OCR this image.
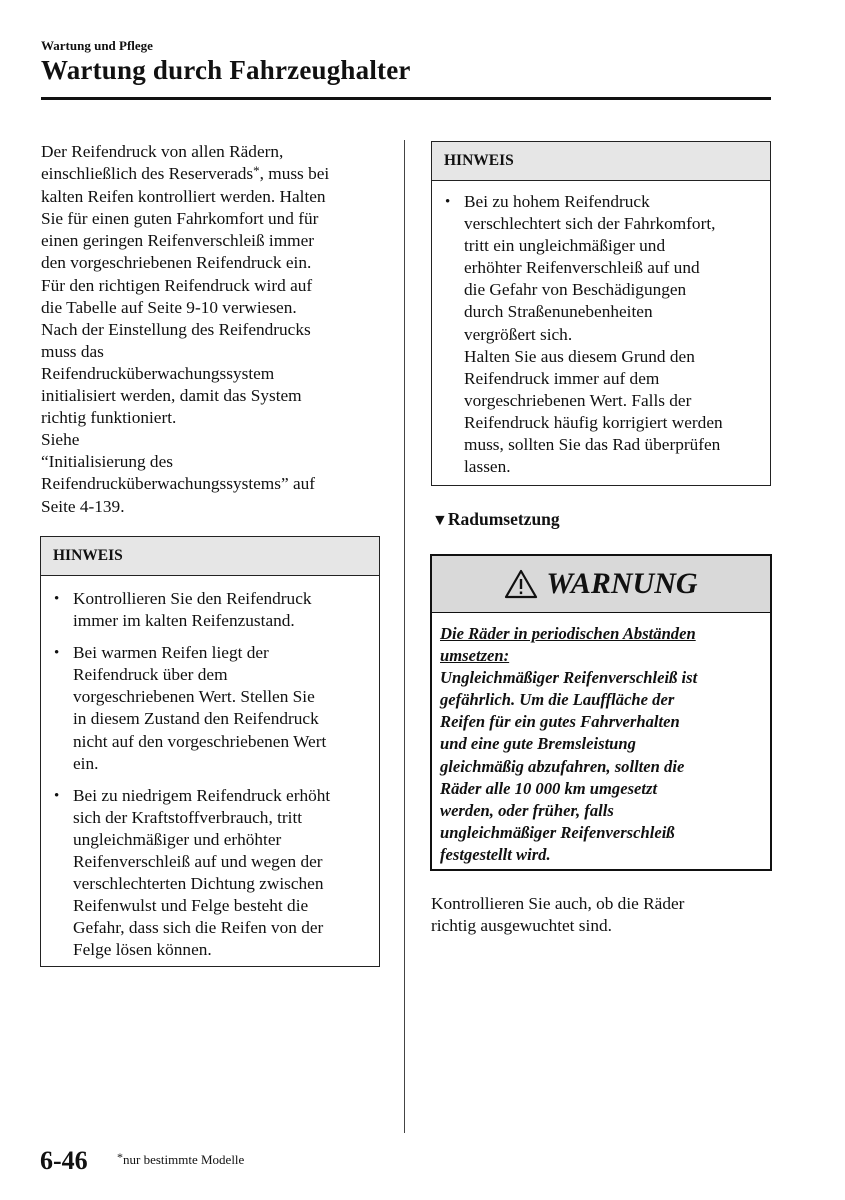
Wartung und Pflege
Wartung durch Fahrzeughalter

Der Reifendruck von allen Rädern,
einschließlich des Reserverads*, muss bei
kalten Reifen kontrolliert werden. Halten
Sie für einen guten Fahrkomfort und für
einen geringen Reifenverschleiß immer
den vorgeschriebenen Reifendruck ein.
Für den richtigen Reifendruck wird auf
die Tabelle auf Seite 9-10 verwiesen.
Nach der Einstellung des Reifendrucks
muss das
Reifendrucküberwachungssystem
initialisiert werden, damit das System
richtig funktioniert.
Siehe
“Initialisierung des
Reifendrucküberwachungssystems” auf
Seite 4-139.

HINWEIS
• Kontrollieren Sie den Reifendruck
immer im kalten Reifenzustand.
• Bei warmen Reifen liegt der
Reifendruck über dem
vorgeschriebenen Wert. Stellen Sie
in diesem Zustand den Reifendruck
nicht auf den vorgeschriebenen Wert
ein.
• Bei zu niedrigem Reifendruck erhöht
sich der Kraftstoffverbrauch, tritt
ungleichmäßiger und erhöhter
Reifenverschleiß auf und wegen der
verschlechterten Dichtung zwischen
Reifenwulst und Felge besteht die
Gefahr, dass sich die Reifen von der
Felge lösen können.
HINWEIS
• Bei zu hohem Reifendruck
verschlechtert sich der Fahrkomfort,
tritt ein ungleichmäßiger und
erhöhter Reifenverschleiß auf und
die Gefahr von Beschädigungen
durch Straßenunebenheiten
vergrößert sich.
Halten Sie aus diesem Grund den
Reifendruck immer auf dem
vorgeschriebenen Wert. Falls der
Reifendruck häufig korrigiert werden
muss, sollten Sie das Rad überprüfen
lassen.
▼Radumsetzung
WARNUNG
Die Räder in periodischen Abständen
umsetzen:
Ungleichmäßiger Reifenverschleiß ist
gefährlich. Um die Lauffläche der
Reifen für ein gutes Fahrverhalten
und eine gute Bremsleistung
gleichmäßig abzufahren, sollten die
Räder alle 10 000 km umgesetzt
werden, oder früher, falls
ungleichmäßiger Reifenverschleiß
festgestellt wird.
Kontrollieren Sie auch, ob die Räder
richtig ausgewuchtet sind.
6-46 *nur bestimmte Modelle
